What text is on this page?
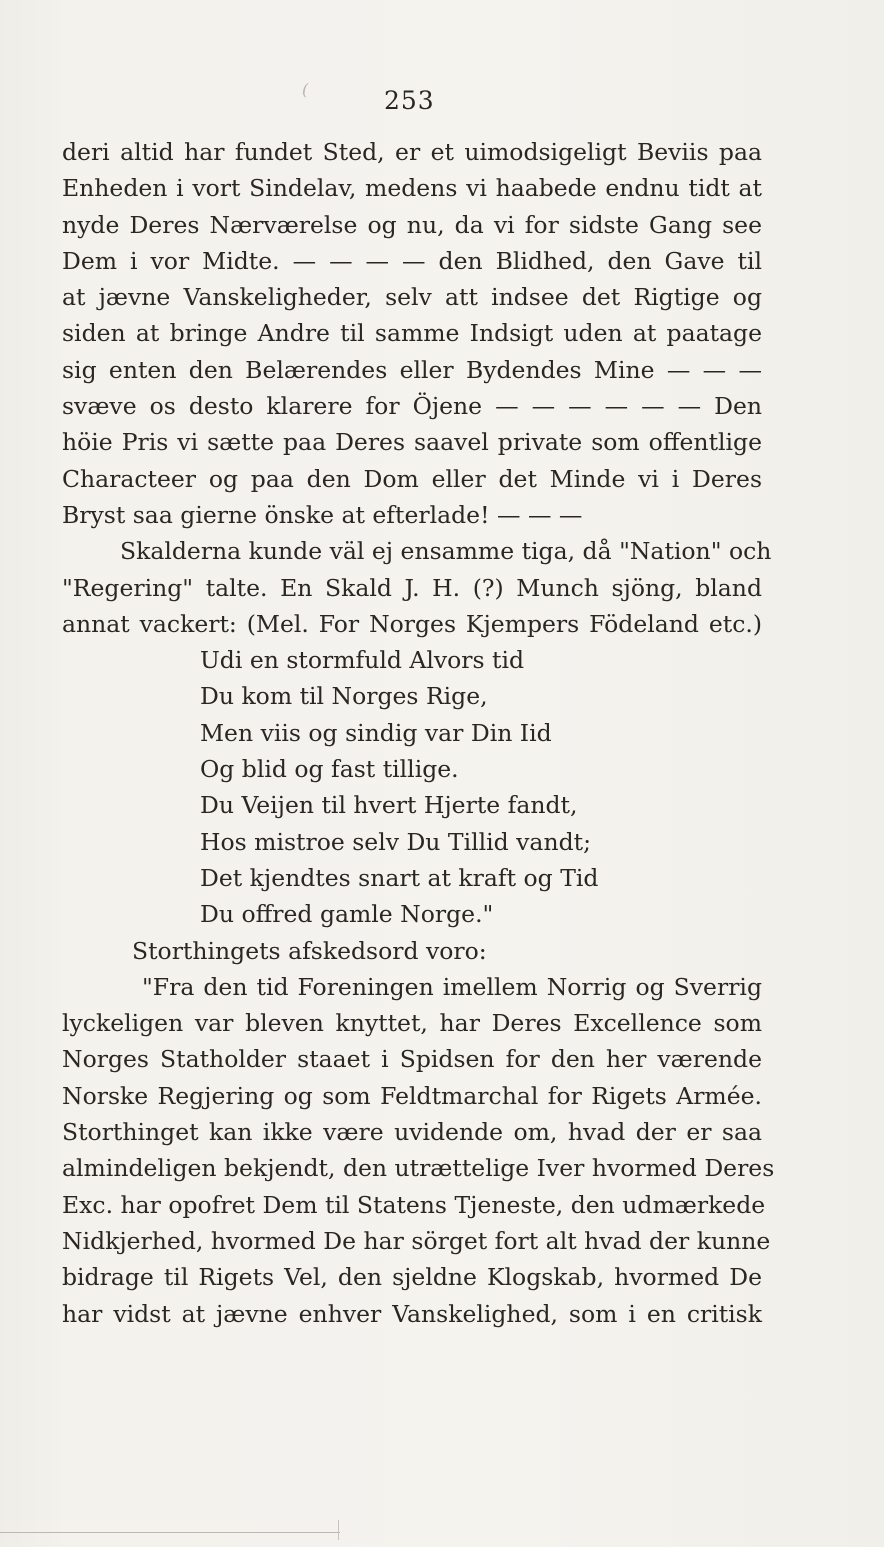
(	253
deri altid har fundet Sted, er et uimodsigeligt Beviis paa
Enheden i vort Sindelav, medens vi haabede endnu tidt at
nyde Deres Nærværelse og nu, da vi for sidste Gang see
Dem i vor Midte. — — — — den Blidhed, den Gave til
at jævne Vanskeligheder, selv att indsee det Rigtige og
siden at bringe Andre til samme Indsigt uden at paatage
sig enten den Belærendes eller Bydendes Mine — — —
svæve os desto klarere for Öjene — — — — — — Den
höie Pris vi sætte paa Deres saavel private som offentlige
Characteer og paa den Dom eller det Minde vi i Deres
Bryst saa gierne önske at efterlade! — — —
Skalderna kunde väl ej ensamme tiga, då "Nation" och
"Regering" talte. En Skald J. H. (?) Munch sjöng, bland
annat vackert: (Mel. For Norges Kjempers Födeland etc.)
Udi en stormfuld Alvors tid
Du kom til Norges Rige,
Men viis og sindig var Din Iid
Og blid og fast tillige.
Du Veijen til hvert Hjerte fandt,
Hos mistroe selv Du Tillid vandt;
Det kjendtes snart at kraft og Tid
Du offred gamle Norge."
Storthingets afskedsord voro:
"Fra den tid Foreningen imellem Norrig og Sverrig
lyckeligen var bleven knyttet, har Deres Excellence som
Norges Statholder staaet i Spidsen for den her værende
Norske Regjering og som Feldtmarchal for Rigets Armée.
Storthinget kan ikke være uvidende om, hvad der er saa
almindeligen bekjendt, den utrættelige Iver hvormed Deres
Exc. har opofret Dem til Statens Tjeneste, den udmærkede
Nidkjerhed, hvormed De har sörget fort alt hvad der kunne
bidrage til Rigets Vel, den sjeldne Klogskab, hvormed De
har vidst at jævne enhver Vanskelighed, som i en critisk
